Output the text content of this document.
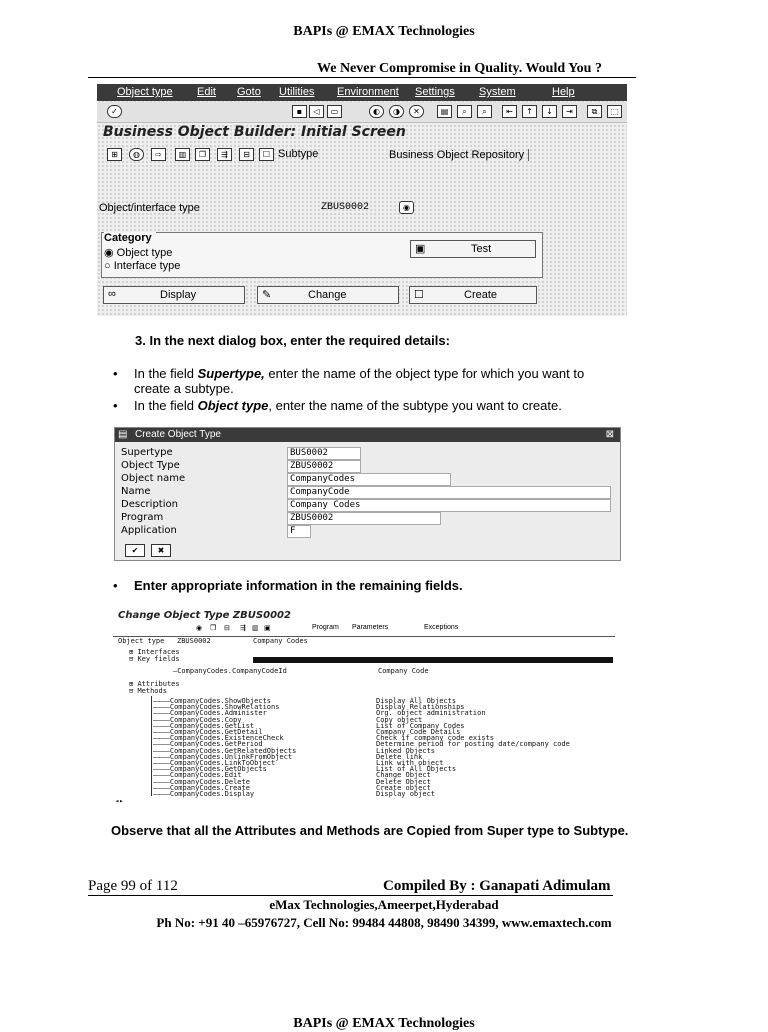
BAPIs @ EMAX Technologies
We Never Compromise in Quality. Would You ?
Object type Edit Goto Utilities Environment Settings System	Help
✓	▪	◁	▭	◐	◑	✕	▤	⌕	⌕	⇤	↑	↓	⇥	⧉	⬚
Business Object Builder: Initial Screen
⊞	◍	⇨	▥	❐	⇶	⊟	☐ Subtype	Business Object Repository
Object/interface type	ZBUS0002	◉
Category
◉ Object type
○ Interface type
▣	Test
∞	Display	✎	Change	☐	Create
3. In the next dialog box, enter the required details:
• In the field Supertype, enter the name of the object type for which you want to create a subtype.
• In the field Object type, enter the name of the subtype you want to create.
▤ Create Object Type	⊠
Supertype	BUS0002
Object Type	ZBUS0002
Object name	CompanyCodes
Name	CompanyCode
Description	Company Codes
Program	ZBUS0002
Application	F
✔	✖
• Enter appropriate information in the remaining fields.
Change Object Type ZBUS0002
◉ ❐ ⊟ ⇶ ▥ ▣	Program Parameters	Exceptions
Object type   ZBUS0002	Company Codes
⊞ Interfaces
⊟ Key fields
—CompanyCodes.CompanyCodeId	Company Code
⊞ Attributes
⊟ Methods
————CompanyCodes.ShowObjects	Display All Objects
————CompanyCodes.ShowRelations	Display Relationships
————CompanyCodes.Administer	Org. object administration
————CompanyCodes.Copy	Copy object
————CompanyCodes.GetList	List of Company Codes
————CompanyCodes.GetDetail	Company Code Details
————CompanyCodes.ExistenceCheck	Check if company code exists
————CompanyCodes.GetPeriod	Determine period for posting date/company code
————CompanyCodes.GetRelatedObjects	Linked Objects
————CompanyCodes.UnlinkFromObject	Delete link
————CompanyCodes.LinkToObject	Link with object
————CompanyCodes.GetObjects	List of All Objects
————CompanyCodes.Edit	Change Object
————CompanyCodes.Delete	Delete Object
————CompanyCodes.Create	Create object
————CompanyCodes.Display	Display object
◂▸
Observe that all the Attributes and Methods are Copied from Super type to Subtype.
Page 99 of 112	Compiled By : Ganapati Adimulam
eMax Technologies,Ameerpet,Hyderabad
Ph No: +91 40 –65976727, Cell No: 99484 44808, 98490 34399, www.emaxtech.com
BAPIs @ EMAX Technologies
